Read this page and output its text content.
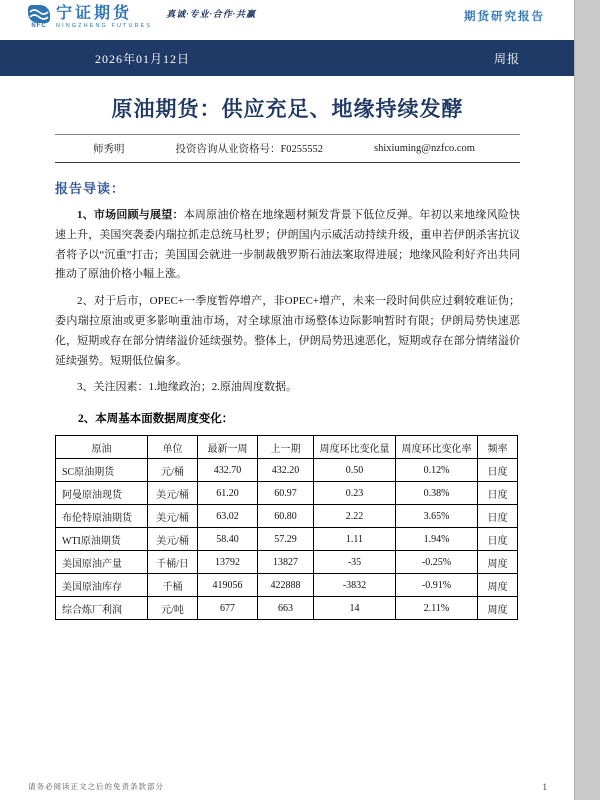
NFC
宁证期货
NINGZHENG FUTURES
真诚·专业·合作·共赢	期货研究报告
2026年01月12日	周报
原油期货：供应充足、地缘持续发酵
师秀明	投资咨询从业资格号：F0255552	shixiuming@nzfco.com
报告导读：

1、市场回顾与展望：本周原油价格在地缘题材频发背景下低位反弹。年初以来地缘风险快速上升，美国突袭委内瑞拉抓走总统马杜罗；伊朗国内示威活动持续升级，重申若伊朗杀害抗议者将予以“沉重”打击；美国国会就进一步制裁俄罗斯石油法案取得进展；地缘风险利好齐出共同推动了原油价格小幅上涨。

2、对于后市，OPEC+一季度暂停增产，非OPEC+增产，未来一段时间供应过剩较难证伪；委内瑞拉原油或更多影响重油市场，对全球原油市场整体边际影响暂时有限；伊朗局势快速恶化，短期或存在部分情绪溢价延续强势。整体上，伊朗局势迅速恶化，短期或存在部分情绪溢价延续强势。短期低位偏多。

3、关注因素：1.地缘政治；2.原油周度数据。

2、本周基本面数据周度变化：
原油	单位	最新一周	上一期	周度环比变化量	周度环比变化率	频率
SC原油期货	元/桶	432.70	432.20	0.50	0.12%	日度
阿曼原油现货	美元/桶	61.20	60.97	0.23	0.38%	日度
布伦特原油期货	美元/桶	63.02	60.80	2.22	3.65%	日度
WTI原油期货	美元/桶	58.40	57.29	1.11	1.94%	日度
美国原油产量	千桶/日	13792	13827	-35	-0.25%	周度
美国原油库存	千桶	419056	422888	-3832	-0.91%	周度
综合炼厂利润	元/吨	677	663	14	2.11%	周度
请务必阅读正文之后的免责条款部分	1
